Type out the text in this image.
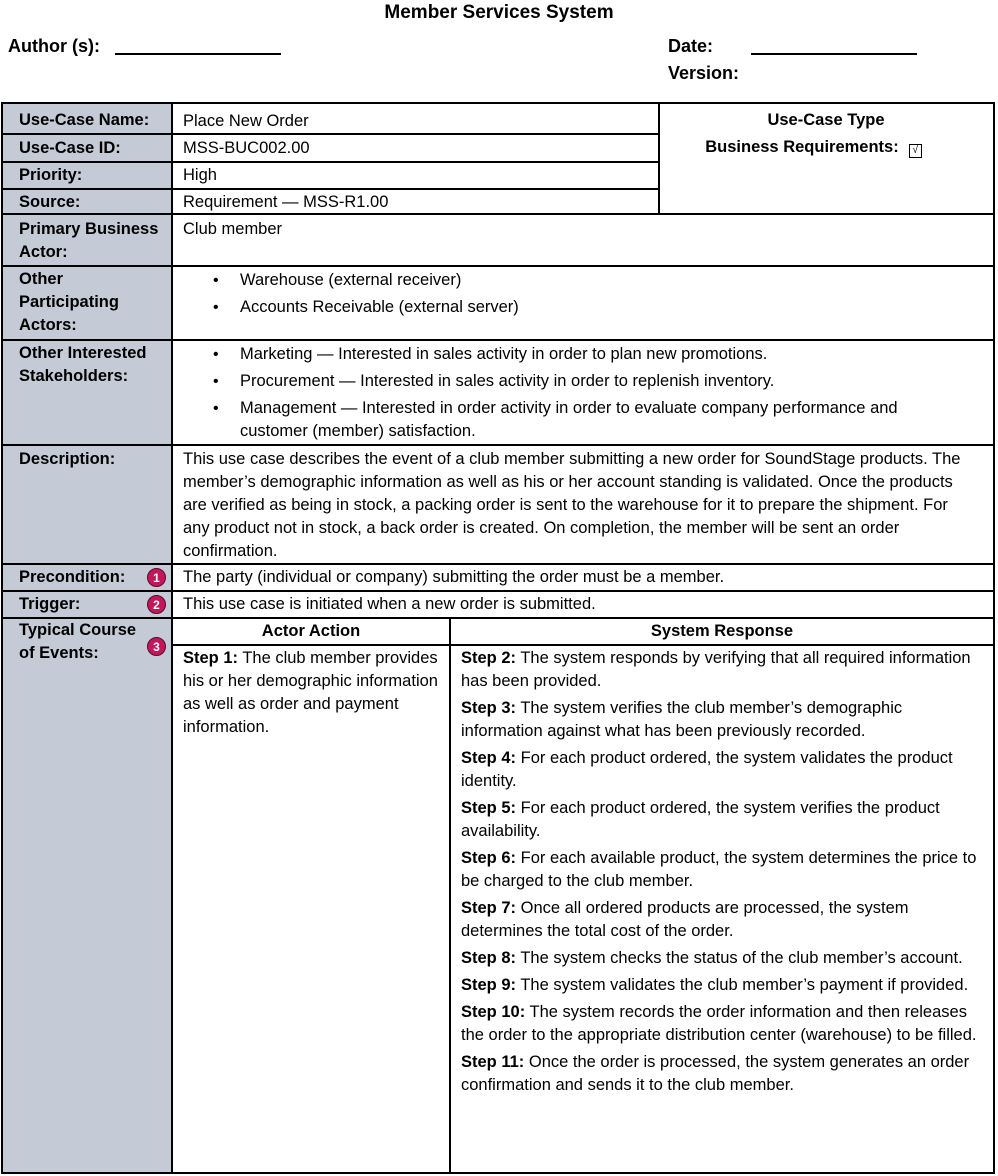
Member Services System
Author (s):	Date:
Version:
Use-Case Name:
Use-Case ID:
Priority:
Source:
Primary Business Actor:
Other Participating Actors:
Other Interested Stakeholders:
Description:
Precondition:
Trigger:
Typical Course of Events:
1
2
3
Place New Order
MSS-BUC002.00
High
Requirement — MSS-R1.00
Club member
Use-Case Type
Business Requirements: √
• Warehouse (external receiver)
• Accounts Receivable (external server)
• Marketing — Interested in sales activity in order to plan new promotions.
• Procurement — Interested in sales activity in order to replenish inventory.
• Management — Interested in order activity in order to evaluate company performance and customer (member) satisfaction.
This use case describes the event of a club member submitting a new order for SoundStage products. The member’s demographic information as well as his or her account standing is validated. Once the products are verified as being in stock, a packing order is sent to the warehouse for it to prepare the shipment. For any product not in stock, a back order is created. On completion, the member will be sent an order confirmation.
The party (individual or company) submitting the order must be a member.
This use case is initiated when a new order is submitted.
Actor Action	System Response
Step 1: The club member provides his or her demographic information as well as order and payment information.
Step 2: The system responds by verifying that all required information has been provided.
Step 3: The system verifies the club member’s demographic information against what has been previously recorded.
Step 4: For each product ordered, the system validates the product identity.
Step 5: For each product ordered, the system verifies the product availability.
Step 6: For each available product, the system determines the price to be charged to the club member.
Step 7: Once all ordered products are processed, the system determines the total cost of the order.
Step 8: The system checks the status of the club member’s account.
Step 9: The system validates the club member’s payment if provided.
Step 10: The system records the order information and then releases the order to the appropriate distribution center (warehouse) to be filled.
Step 11: Once the order is processed, the system generates an order confirmation and sends it to the club member.
